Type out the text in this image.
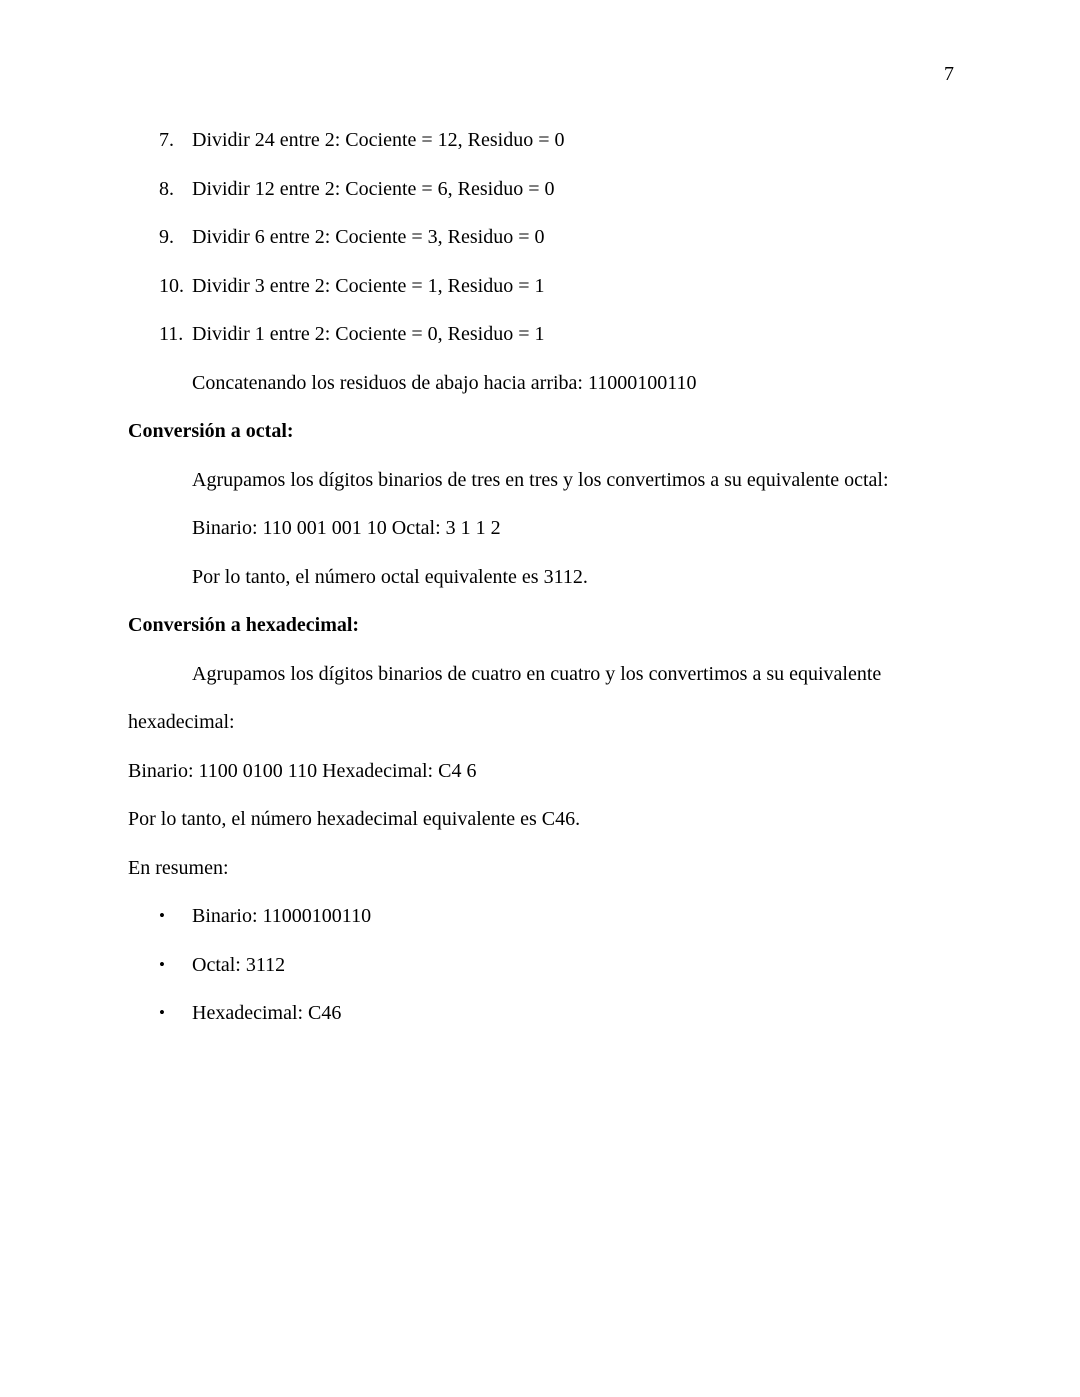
7
7. Dividir 24 entre 2: Cociente = 12, Residuo = 0
8. Dividir 12 entre 2: Cociente = 6, Residuo = 0
9. Dividir 6 entre 2: Cociente = 3, Residuo = 0
10. Dividir 3 entre 2: Cociente = 1, Residuo = 1
11. Dividir 1 entre 2: Cociente = 0, Residuo = 1
Concatenando los residuos de abajo hacia arriba: 11000100110
Conversión a octal:
Agrupamos los dígitos binarios de tres en tres y los convertimos a su equivalente octal:
Binario: 110 001 001 10 Octal: 3 1 1 2
Por lo tanto, el número octal equivalente es 3112.
Conversión a hexadecimal:
Agrupamos los dígitos binarios de cuatro en cuatro y los convertimos a su equivalente
hexadecimal:
Binario: 1100 0100 110 Hexadecimal: C4 6
Por lo tanto, el número hexadecimal equivalente es C46.
En resumen:
•	Binario: 11000100110
•	Octal: 3112
•	Hexadecimal: C46
